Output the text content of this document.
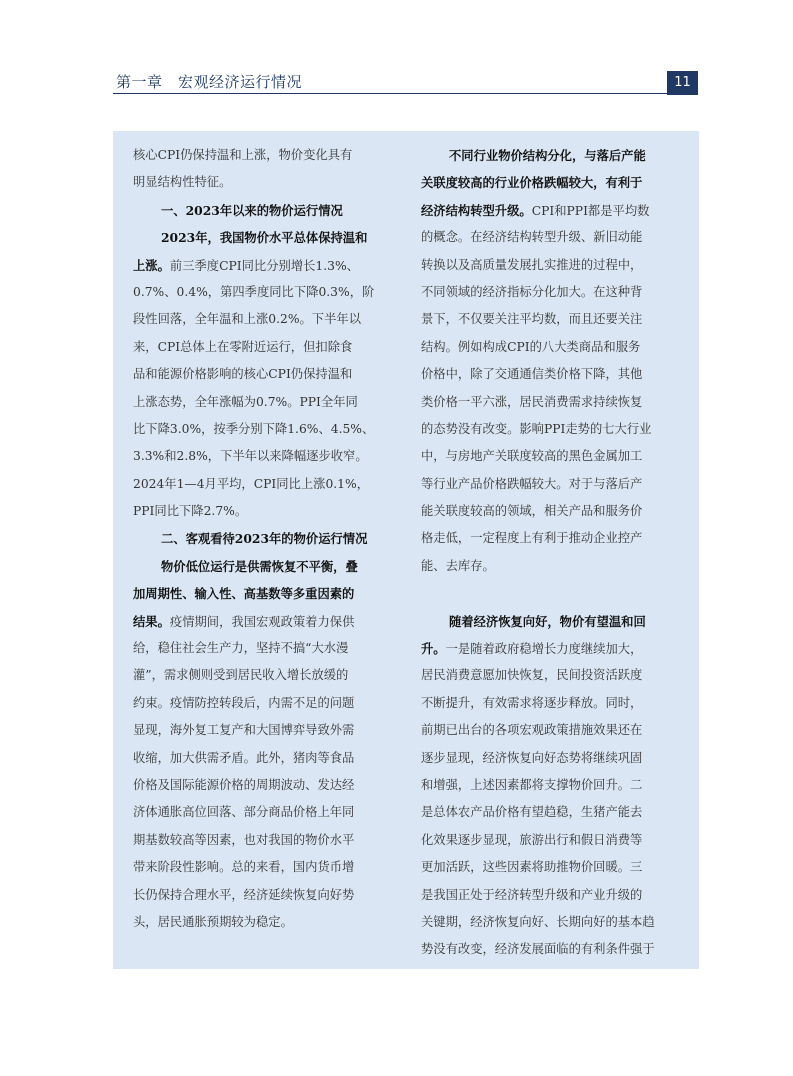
第一章　宏观经济运行情况	11
核心CPI仍保持温和上涨，物价变化具有
明显结构性特征。
一、2023年以来的物价运行情况
2023年，我国物价水平总体保持温和
上涨。前三季度CPI同比分别增长1.3%、
0.7%、0.4%，第四季度同比下降0.3%，阶
段性回落，全年温和上涨0.2%。下半年以
来，CPI总体上在零附近运行，但扣除食
品和能源价格影响的核心CPI仍保持温和
上涨态势，全年涨幅为0.7%。PPI全年同
比下降3.0%，按季分别下降1.6%、4.5%、
3.3%和2.8%，下半年以来降幅逐步收窄。
2024年1—4月平均，CPI同比上涨0.1%，
PPI同比下降2.7%。
二、客观看待2023年的物价运行情况
物价低位运行是供需恢复不平衡，叠
加周期性、输入性、高基数等多重因素的
结果。疫情期间，我国宏观政策着力保供
给，稳住社会生产力，坚持不搞“大水漫
灌”，需求侧则受到居民收入增长放缓的
约束。疫情防控转段后，内需不足的问题
显现，海外复工复产和大国博弈导致外需
收缩，加大供需矛盾。此外，猪肉等食品
价格及国际能源价格的周期波动、发达经
济体通胀高位回落、部分商品价格上年同
期基数较高等因素，也对我国的物价水平
带来阶段性影响。总的来看，国内货币增
长仍保持合理水平，经济延续恢复向好势
头，居民通胀预期较为稳定。
不同行业物价结构分化，与落后产能
关联度较高的行业价格跌幅较大，有利于
经济结构转型升级。CPI和PPI都是平均数
的概念。在经济结构转型升级、新旧动能
转换以及高质量发展扎实推进的过程中，
不同领域的经济指标分化加大。在这种背
景下，不仅要关注平均数，而且还要关注
结构。例如构成CPI的八大类商品和服务
价格中，除了交通通信类价格下降，其他
类价格一平六涨，居民消费需求持续恢复
的态势没有改变。影响PPI走势的七大行业
中，与房地产关联度较高的黑色金属加工
等行业产品价格跌幅较大。对于与落后产
能关联度较高的领域，相关产品和服务价
格走低，一定程度上有利于推动企业控产
能、去库存。
随着经济恢复向好，物价有望温和回
升。一是随着政府稳增长力度继续加大，
居民消费意愿加快恢复，民间投资活跃度
不断提升，有效需求将逐步释放。同时，
前期已出台的各项宏观政策措施效果还在
逐步显现，经济恢复向好态势将继续巩固
和增强，上述因素都将支撑物价回升。二
是总体农产品价格有望趋稳，生猪产能去
化效果逐步显现，旅游出行和假日消费等
更加活跃，这些因素将助推物价回暖。三
是我国正处于经济转型升级和产业升级的
关键期，经济恢复向好、长期向好的基本趋
势没有改变，经济发展面临的有利条件强于
